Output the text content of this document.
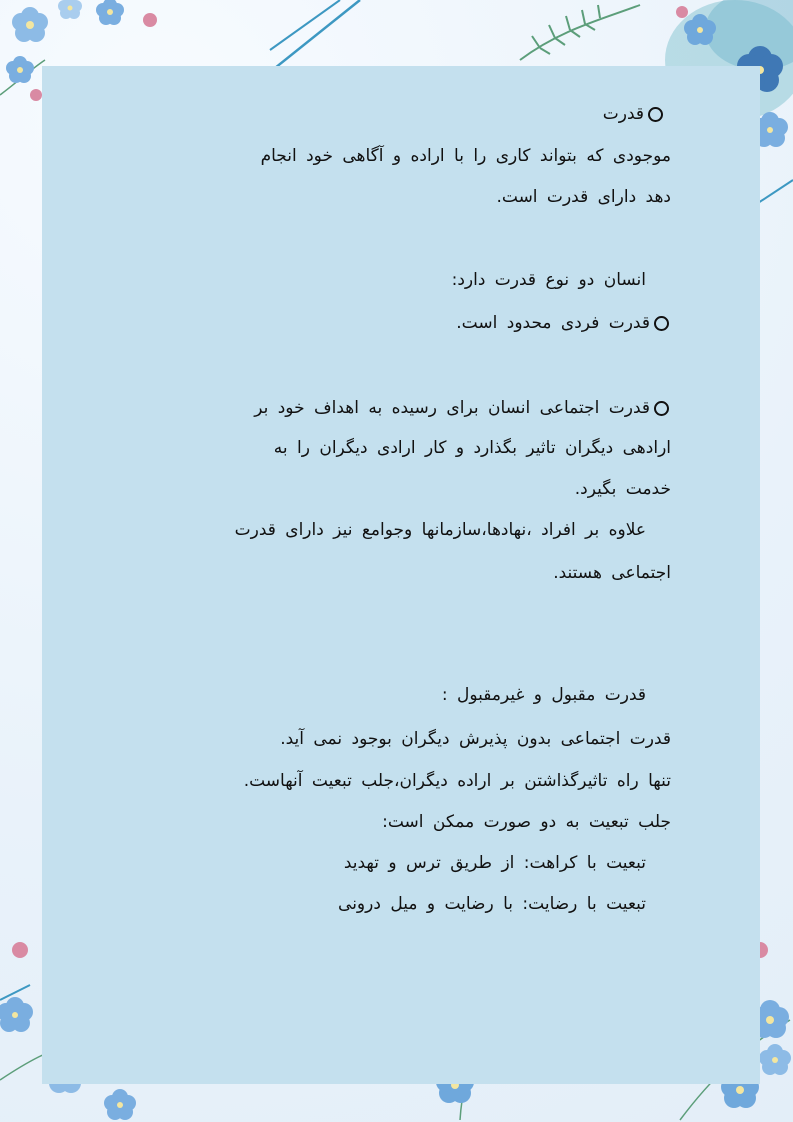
قدرت
موجودی که بتواند کاری را با اراده و آگاهی خود انجام
دهد دارای قدرت است.
انسان دو نوع قدرت دارد:
قدرت فردی محدود است.
قدرت اجتماعی انسان برای رسیده به اهداف خود بر
ارادهی دیگران تاثیر بگذارد و کار ارادی دیگران را به
خدمت بگیرد.
علاوه بر افراد ،نهادها،سازمانها وجوامع نیز دارای قدرت
اجتماعی هستند.
قدرت مقبول و غیرمقبول :
قدرت اجتماعی بدون پذیرش دیگران بوجود نمی آید.
تنها راه تاثیرگذاشتن بر اراده دیگران،جلب تبعیت آنهاست.
جلب تبعیت به دو صورت ممکن است:
تبعیت با کراهت: از طریق ترس و تهدید
تبعیت با رضایت: با رضایت و میل درونی
